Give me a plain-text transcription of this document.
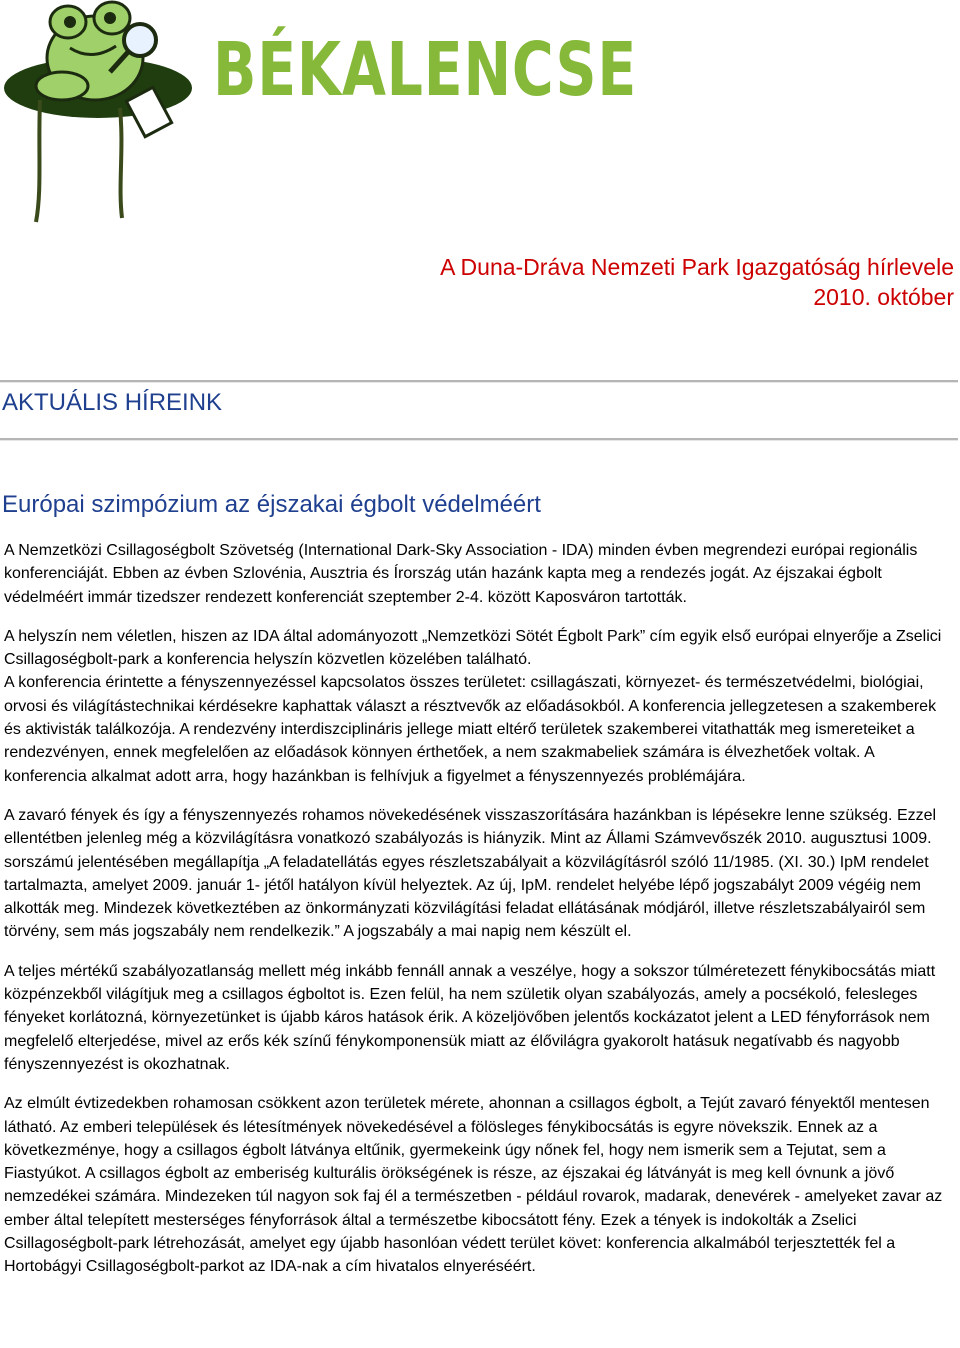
BÉKALENCSE
A Duna-Dráva Nemzeti Park Igazgatóság hírlevele
2010. október
AKTUÁLIS HÍREINK
Európai szimpózium az éjszakai égbolt védelméért

A Nemzetközi Csillagoségbolt Szövetség (International Dark-Sky Association - IDA) minden évben megrendezi európai regionális konferenciáját. Ebben az évben Szlovénia, Ausztria és Írország után hazánk kapta meg a rendezés jogát. Az éjszakai égbolt védelméért immár tizedszer rendezett konferenciát szeptember 2-4. között Kaposváron tartották.

A helyszín nem véletlen, hiszen az IDA által adományozott „Nemzetközi Sötét Égbolt Park” cím egyik első európai elnyerője a Zselici Csillagoségbolt-park a konferencia helyszín közvetlen közelében található.

A konferencia érintette a fényszennyezéssel kapcsolatos összes területet: csillagászati, környezet- és természetvédelmi, biológiai, orvosi és világítástechnikai kérdésekre kaphattak választ a résztvevők az előadásokból. A konferencia jellegzetesen a szakemberek és aktivisták találkozója. A rendezvény interdiszciplináris jellege miatt eltérő területek szakemberei vitathatták meg ismereteiket a rendezvényen, ennek megfelelően az előadások könnyen érthetőek, a nem szakmabeliek számára is élvezhetőek voltak. A konferencia alkalmat adott arra, hogy hazánkban is felhívjuk a figyelmet a fényszennyezés problémájára.

A zavaró fények és így a fényszennyezés rohamos növekedésének visszaszorítására hazánkban is lépésekre lenne szükség. Ezzel ellentétben jelenleg még a közvilágításra vonatkozó szabályozás is hiányzik. Mint az Állami Számvevőszék 2010. augusztusi 1009. sorszámú jelentésében megállapítja „A feladatellátás egyes részletszabályait a közvilágításról szóló 11/1985. (XI. 30.) IpM rendelet tartalmazta, amelyet 2009. január 1- jétől hatályon kívül helyeztek. Az új, IpM. rendelet helyébe lépő jogszabályt 2009 végéig nem alkották meg. Mindezek következtében az önkormányzati közvilágítási feladat ellátásának módjáról, illetve részletszabályairól sem törvény, sem más jogszabály nem rendelkezik.” A jogszabály a mai napig nem készült el.

A teljes mértékű szabályozatlanság mellett még inkább fennáll annak a veszélye, hogy a sokszor túlméretezett fénykibocsátás miatt közpénzekből világítjuk meg a csillagos égboltot is. Ezen felül, ha nem születik olyan szabályozás, amely a pocsékoló, felesleges fényeket korlátozná, környezetünket is újabb káros hatások érik. A közeljövőben jelentős kockázatot jelent a LED fényforrások nem megfelelő elterjedése, mivel az erős kék színű fénykomponensük miatt az élővilágra gyakorolt hatásuk negatívabb és nagyobb fényszennyezést is okozhatnak.

Az elmúlt évtizedekben rohamosan csökkent azon területek mérete, ahonnan a csillagos égbolt, a Tejút zavaró fényektől mentesen látható. Az emberi települések és létesítmények növekedésével a fölösleges fénykibocsátás is egyre növekszik. Ennek az a következménye, hogy a csillagos égbolt látványa eltűnik, gyermekeink úgy nőnek fel, hogy nem ismerik sem a Tejutat, sem a Fiastyúkot. A csillagos égbolt az emberiség kulturális örökségének is része, az éjszakai ég látványát is meg kell óvnunk a jövő nemzedékei számára. Mindezeken túl nagyon sok faj él a természetben - például rovarok, madarak, denevérek - amelyeket zavar az ember által telepített mesterséges fényforrások által a természetbe kibocsátott fény. Ezek a tények is indokolták a Zselici Csillagoségbolt-park létrehozását, amelyet egy újabb hasonlóan védett terület követ: konferencia alkalmából terjesztették fel a Hortobágyi Csillagoségbolt-parkot az IDA-nak a cím hivatalos elnyeréséért.
